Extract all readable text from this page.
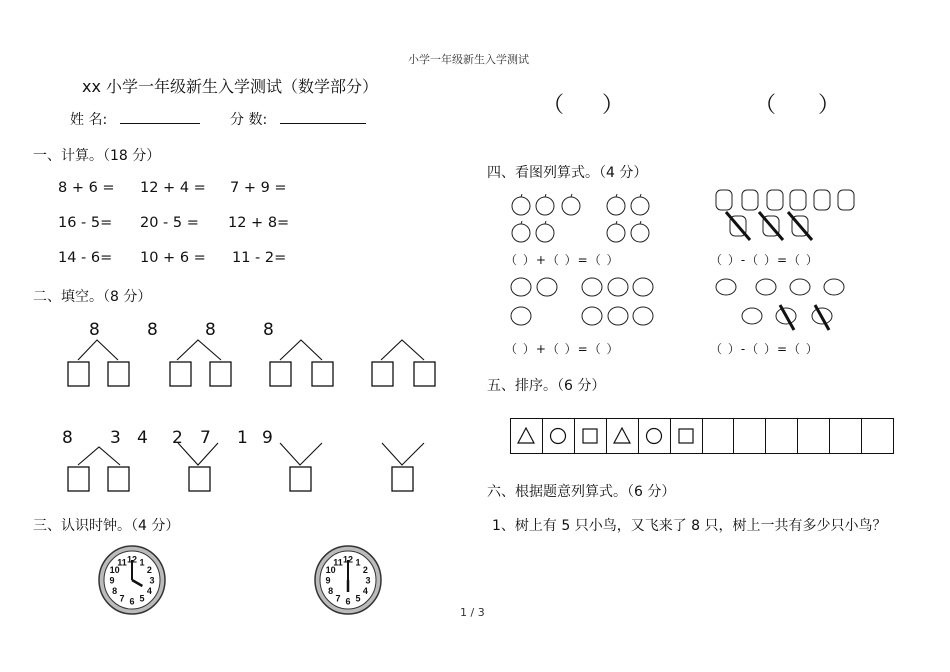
小学一年级新生入学测试
xx 小学一年级新生入学测试（数学部分）
姓 名:	分 数:
一、计算。（18 分）
8 + 6 = 12 + 4 = 7 + 9 =
16 - 5= 20 - 5 = 12 + 8=
14 - 6= 10 + 6 = 11 - 2=
二、填空。（8 分）
8	8	8	8
8 3 4 2 7 1 9
三、认识时钟。（4 分）
12 1
2
3
4
5
6
7
8
9
10
11	12 1
2
3
4
5
6
7
8
9
10
11
（ ）	（ ）
四、看图列算式。（4 分）
（ ）+（ ）=（ ）	（ ）-（ ）=（ ）
（ ）+（ ）=（ ）	（ ）-（ ）=（ ）
五、排序。（6 分）
六、根据题意列算式。（6 分）
1、树上有 5 只小鸟，又飞来了 8 只，树上一共有多少只小鸟？
1 / 3
